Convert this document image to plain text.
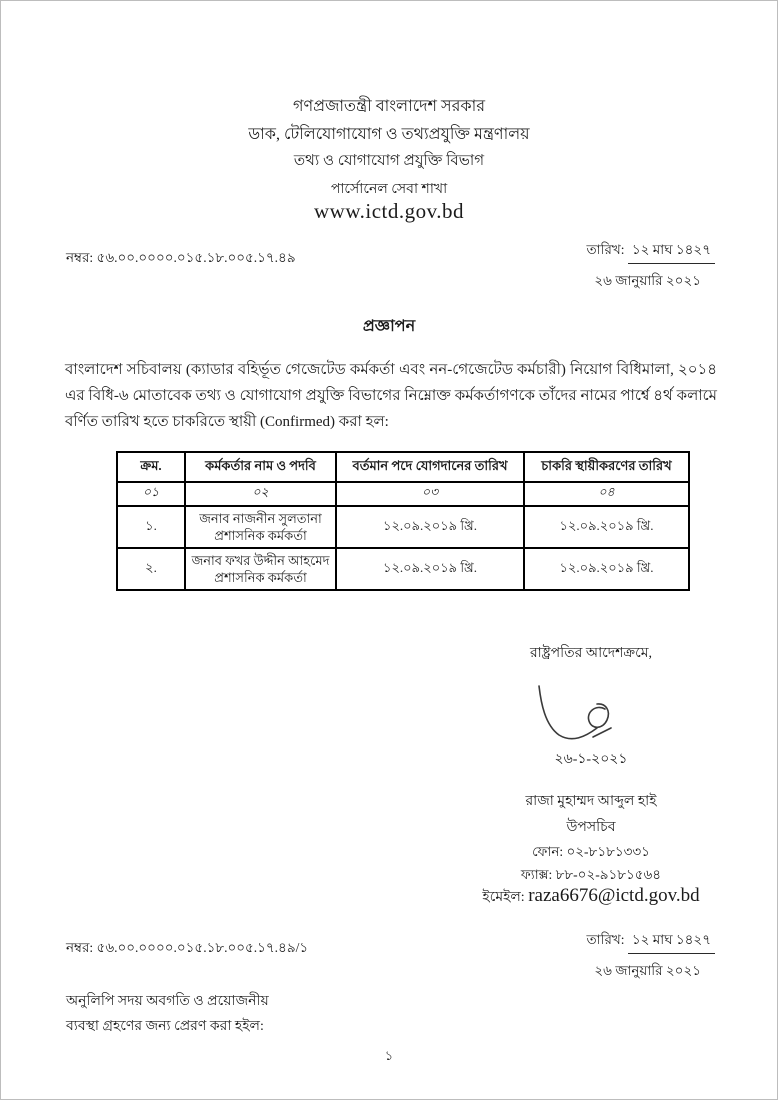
গণপ্রজাতন্ত্রী বাংলাদেশ সরকার
ডাক, টেলিযোগাযোগ ও তথ্যপ্রযুক্তি মন্ত্রণালয়
তথ্য ও যোগাযোগ প্রযুক্তি বিভাগ
পার্সোনেল সেবা শাখা
www.ictd.gov.bd
নম্বর: ৫৬.০০.০০০০.০১৫.১৮.০০৫.১৭.৪৯
তারিখ: ১২ মাঘ ১৪২৭
২৬ জানুয়ারি ২০২১
প্রজ্ঞাপন
বাংলাদেশ সচিবালয় (ক্যাডার বহির্ভূত গেজেটেড কর্মকর্তা এবং নন-গেজেটেড কর্মচারী) নিয়োগ বিধিমালা, ২০১৪ এর বিধি-৬ মোতাবেক তথ্য ও যোগাযোগ প্রযুক্তি বিভাগের নিম্নোক্ত কর্মকর্তাগণকে তাঁদের নামের পার্শ্বে ৪র্থ কলামে বর্ণিত তারিখ হতে চাকরিতে স্থায়ী (Confirmed) করা হল:
ক্রম.	কর্মকর্তার নাম ও পদবি	বর্তমান পদে যোগদানের তারিখ	চাকরি স্থায়ীকরণের তারিখ
০১	০২	০৩	০৪
১.	জনাব নাজনীন সুলতানা
প্রশাসনিক কর্মকর্তা	১২.০৯.২০১৯ খ্রি.	১২.০৯.২০১৯ খ্রি.
২.	জনাব ফখর উদ্দীন আহমেদ
প্রশাসনিক কর্মকর্তা	১২.০৯.২০১৯ খ্রি.	১২.০৯.২০১৯ খ্রি.
রাষ্ট্রপতির আদেশক্রমে,
২৬-১-২০২১
রাজা মুহাম্মদ আব্দুল হাই
উপসচিব
ফোন: ০২-৮১৮১৩৩১
ফ্যাক্স: ৮৮-০২-৯১৮১৫৬৪
ইমেইল: raza6676@ictd.gov.bd
নম্বর: ৫৬.০০.০০০০.০১৫.১৮.০০৫.১৭.৪৯/১
তারিখ: ১২ মাঘ ১৪২৭
২৬ জানুয়ারি ২০২১
অনুলিপি সদয় অবগতি ও প্রয়োজনীয়
ব্যবস্থা গ্রহণের জন্য প্রেরণ করা হইল:
১
